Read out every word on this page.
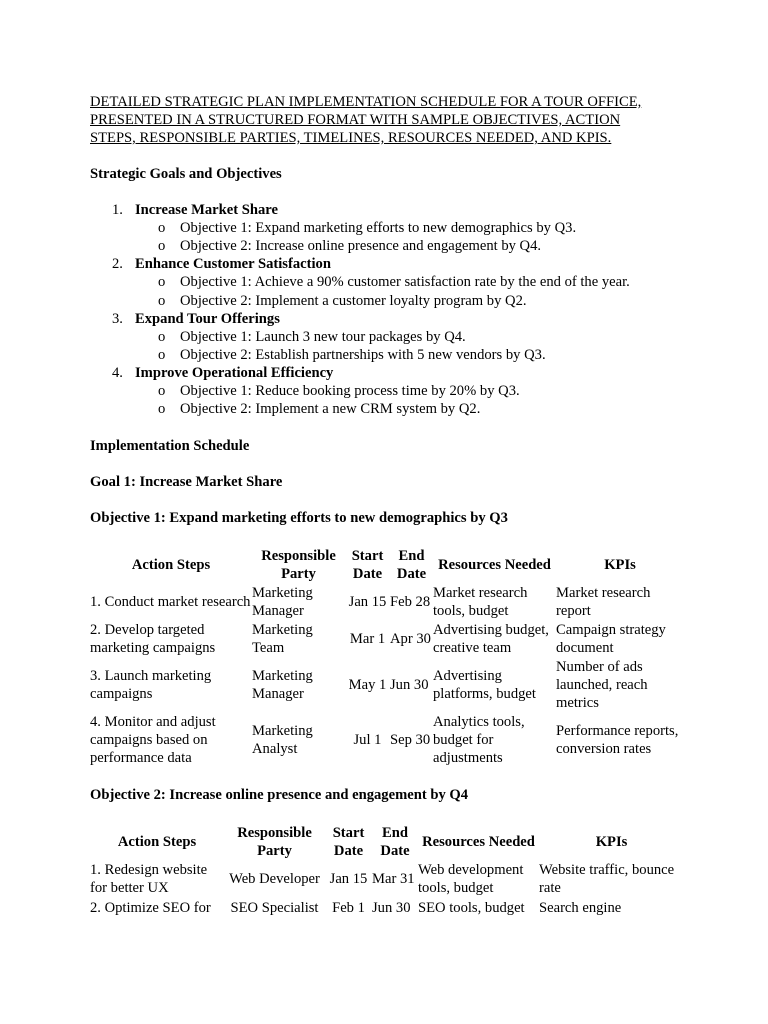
DETAILED STRATEGIC PLAN IMPLEMENTATION SCHEDULE FOR A TOUR OFFICE,
PRESENTED IN A STRUCTURED FORMAT WITH SAMPLE OBJECTIVES, ACTION
STEPS, RESPONSIBLE PARTIES, TIMELINES, RESOURCES NEEDED, AND KPIS.

Strategic Goals and Objectives

1. Increase Market Share
o Objective 1: Expand marketing efforts to new demographics by Q3.
o Objective 2: Increase online presence and engagement by Q4.
2. Enhance Customer Satisfaction
o Objective 1: Achieve a 90% customer satisfaction rate by the end of the year.
o Objective 2: Implement a customer loyalty program by Q2.
3. Expand Tour Offerings
o Objective 1: Launch 3 new tour packages by Q4.
o Objective 2: Establish partnerships with 5 new vendors by Q3.
4. Improve Operational Efficiency
o Objective 1: Reduce booking process time by 20% by Q3.
o Objective 2: Implement a new CRM system by Q2.

Implementation Schedule

Goal 1: Increase Market Share

Objective 1: Expand marketing efforts to new demographics by Q3

Action Steps	Responsible Party	Start Date	End Date	Resources Needed	KPIs
1. Conduct market research	Marketing Manager	Jan 15	Feb 28	Market research tools, budget	Market research report
2. Develop targeted marketing campaigns	Marketing Team	Mar 1	Apr 30	Advertising budget, creative team	Campaign strategy document
3. Launch marketing campaigns	Marketing Manager	May 1	Jun 30	Advertising platforms, budget	Number of ads launched, reach metrics
4. Monitor and adjust campaigns based on performance data	Marketing Analyst	Jul 1	Sep 30	Analytics tools, budget for adjustments	Performance reports, conversion rates

Objective 2: Increase online presence and engagement by Q4

Action Steps	Responsible Party	Start Date	End Date	Resources Needed	KPIs
1. Redesign website for better UX	Web Developer	Jan 15	Mar 31	Web development tools, budget	Website traffic, bounce rate
2. Optimize SEO for	SEO Specialist	Feb 1	Jun 30	SEO tools, budget	Search engine
